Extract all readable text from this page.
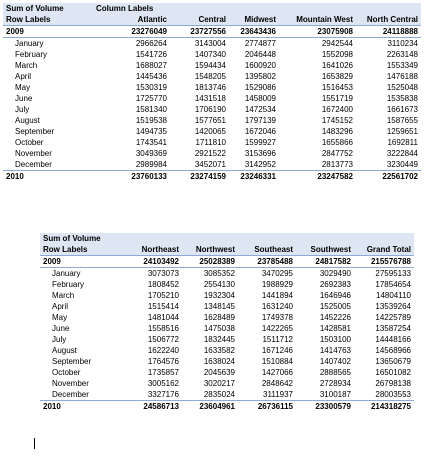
Sum of Volume	Column Labels				
Row Labels	Atlantic	Central	Midwest	Mountain West	North Central
2009	23276049	23727556	23643436	23075908	24118888
January	2966264	3143004	2774877	2942544	3110234
February	1541726	1407340	2046448	1552098	2263148
March	1688027	1594434	1600920	1641026	1553349
April	1445436	1548205	1395802	1653829	1476188
May	1530319	1813746	1529086	1516453	1525048
June	1725770	1431518	1458009	1551719	1535838
July	1581340	1706190	1472534	1672400	1661673
August	1519538	1577651	1797139	1745152	1587655
September	1494735	1420065	1672046	1483296	1259651
October	1743541	1711810	1599927	1655866	1692811
November	3049369	2921522	3153696	2847752	3222844
December	2989984	3452071	3142952	2813773	3230449
2010	23760133	23274159	23246331	23247582	22561702
Sum of Volume					
Row Labels	Northeast	Northwest	Southeast	Southwest	Grand Total
2009	24103492	25028389	23785488	24817582	215576788
January	3073073	3085352	3470295	3029490	27595133
February	1808452	2554130	1988929	2692383	17854654
March	1705210	1932304	1441894	1646946	14804110
April	1515414	1348145	1631240	1525005	13539264
May	1481044	1628489	1749378	1452226	14225789
June	1558516	1475038	1422265	1428581	13587254
July	1506772	1832445	1511712	1503100	14448166
August	1622240	1633582	1671246	1414763	14568966
September	1764576	1638024	1510884	1407402	13650679
October	1735857	2045639	1427066	2888565	16501082
November	3005162	3020217	2848642	2728934	26798138
December	3327176	2835024	3111937	3100187	28003553
2010	24586713	23604961	26736115	23300579	214318275
